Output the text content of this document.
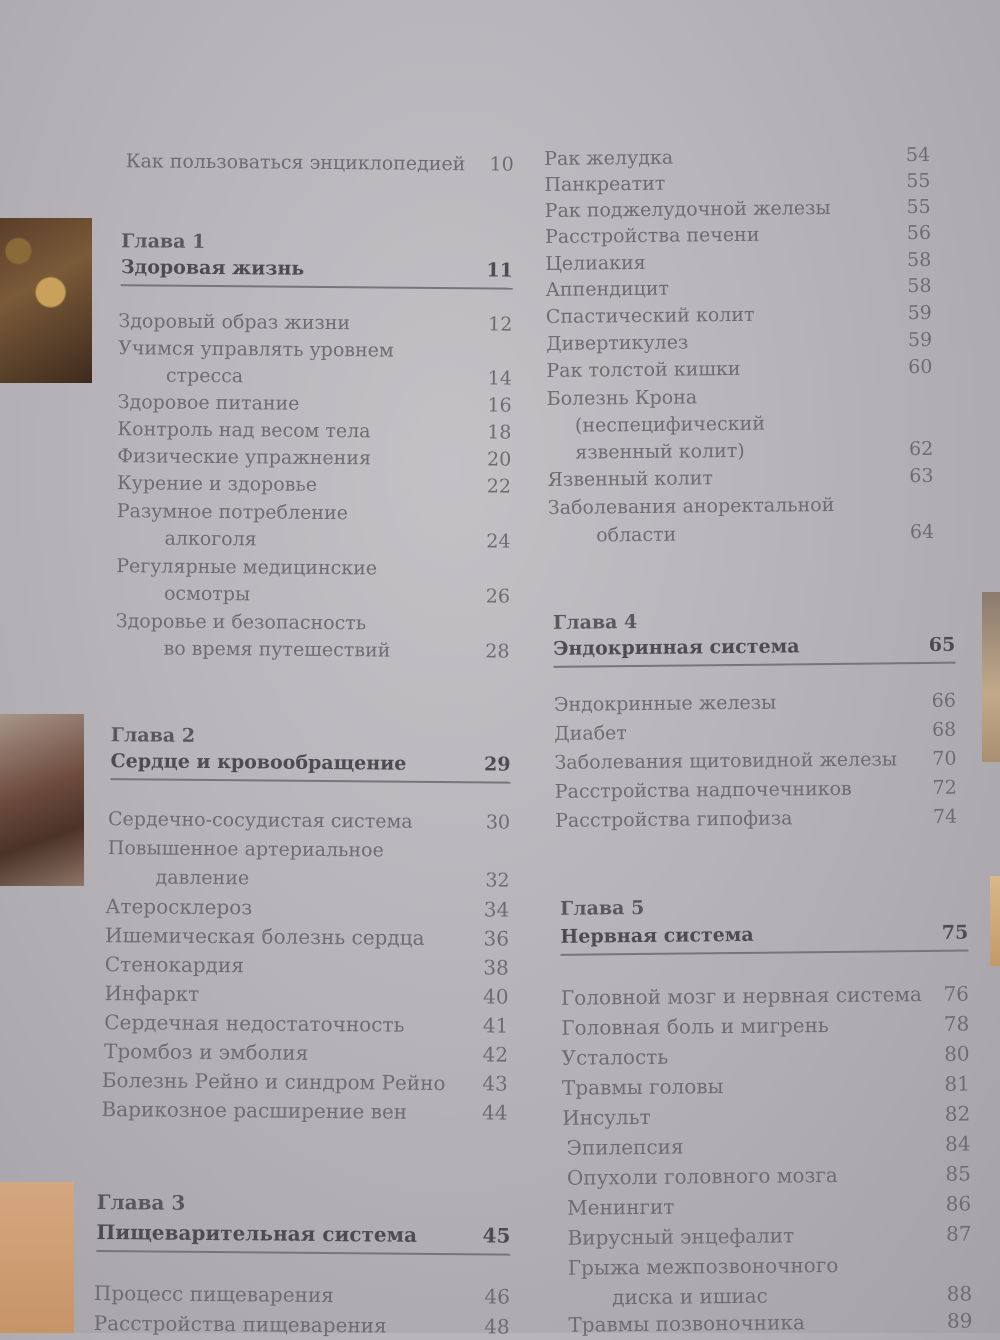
Как пользоваться энциклопедией 10
Глава 1
Здоровая жизнь	11
Здоровый образ жизни	12
Учимся управлять уровнем
стресса	14
Здоровое питание	16
Контроль над весом тела	18
Физические упражнения	20
Курение и здоровье	22
Разумное потребление
алкоголя	24
Регулярные медицинские
осмотры	26
Здоровье и безопасность
во время путешествий	28
Глава 2
Сердце и кровообращение	29
Сердечно-сосудистая система	30
Повышенное артериальное
давление	32
Атеросклероз	34
Ишемическая болезнь сердца	36
Стенокардия	38
Инфаркт	40
Сердечная недостаточность	41
Тромбоз и эмболия	42
Болезнь Рейно и синдром Рейно 43
Варикозное расширение вен	44
Глава 3
Пищеварительная система	45
Процесс пищеварения	46
Расстройства пищеварения	48
Рак желудка	54
Панкреатит	55
Рак поджелудочной железы	55
Расстройства печени	56
Целиакия	58
Аппендицит	58
Спастический колит	59
Дивертикулез	59
Рак толстой кишки	60
Болезнь Крона
(неспецифический
язвенный колит)	62
Язвенный колит	63
Заболевания аноректальной
области	64
Глава 4
Эндокринная система	65
Эндокринные железы	66
Диабет	68
Заболевания щитовидной железы 70
Расстройства надпочечников	72
Расстройства гипофиза	74
Глава 5
Нервная система	75
Головной мозг и нервная система 76
Головная боль и мигрень	78
Усталость	80
Травмы головы	81
Инсульт	82
Эпилепсия	84
Опухоли головного мозга	85
Менингит	86
Вирусный энцефалит	87
Грыжа межпозвоночного
диска и ишиас	88
Травмы позвоночника	89
